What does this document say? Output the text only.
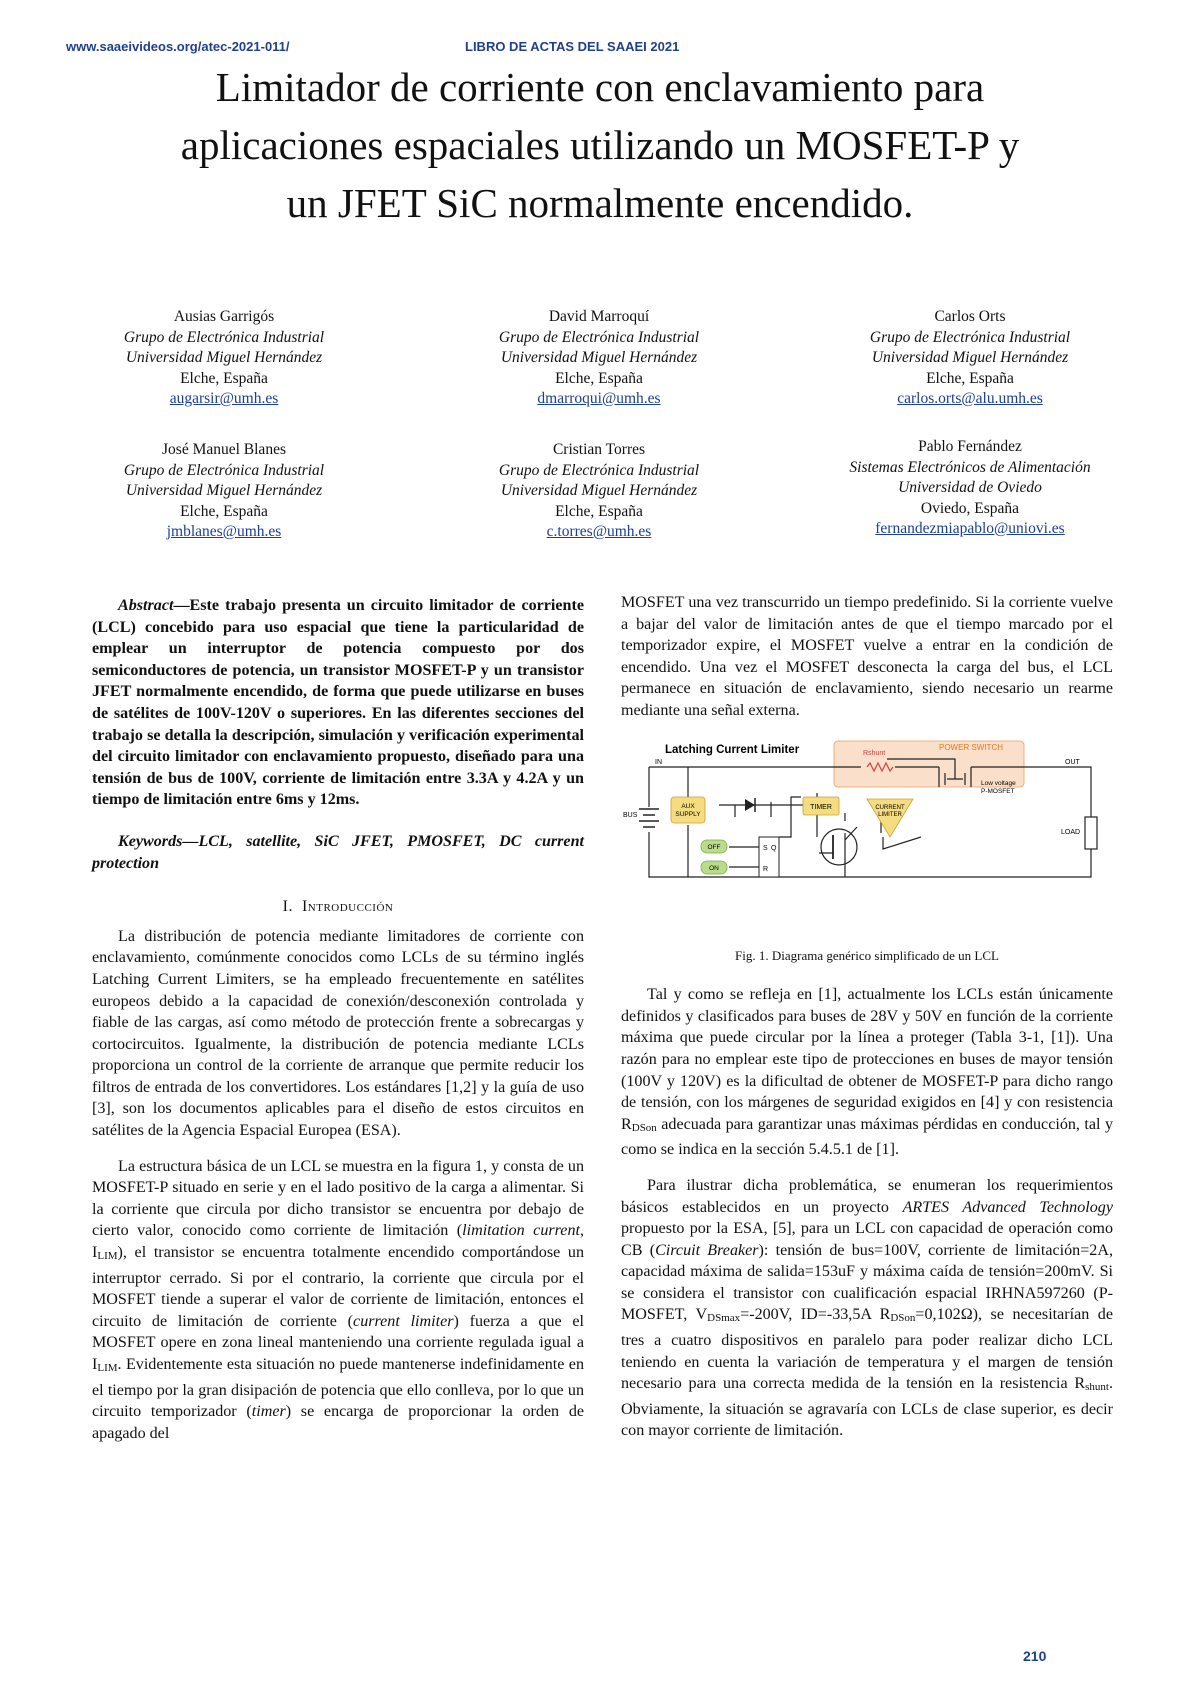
www.saaeivideos.org/atec-2021-011/	LIBRO DE ACTAS DEL SAAEI 2021
Limitador de corriente con enclavamiento para
aplicaciones espaciales utilizando un MOSFET-P y
un JFET SiC normalmente encendido.
Ausias Garrigós
Grupo de Electrónica Industrial
Universidad Miguel Hernández
Elche, España
augarsir@umh.es
David Marroquí
Grupo de Electrónica Industrial
Universidad Miguel Hernández
Elche, España
dmarroqui@umh.es
Carlos Orts
Grupo de Electrónica Industrial
Universidad Miguel Hernández
Elche, España
carlos.orts@alu.umh.es
José Manuel Blanes
Grupo de Electrónica Industrial
Universidad Miguel Hernández
Elche, España
jmblanes@umh.es
Cristian Torres
Grupo de Electrónica Industrial
Universidad Miguel Hernández
Elche, España
c.torres@umh.es
Pablo Fernández
Sistemas Electrónicos de Alimentación
Universidad de Oviedo
Oviedo, España
fernandezmiapablo@uniovi.es

Abstract—Este trabajo presenta un circuito limitador de corriente (LCL) concebido para uso espacial que tiene la particularidad de emplear un interruptor de potencia compuesto por dos semiconductores de potencia, un transistor MOSFET-P y un transistor JFET normalmente encendido, de forma que puede utilizarse en buses de satélites de 100V-120V o superiores. En las diferentes secciones del trabajo se detalla la descripción, simulación y verificación experimental del circuito limitador con enclavamiento propuesto, diseñado para una tensión de bus de 100V, corriente de limitación entre 3.3A y 4.2A y un tiempo de limitación entre 6ms y 12ms.

Keywords—LCL, satellite, SiC JFET, PMOSFET, DC current protection

I. Introducción

La distribución de potencia mediante limitadores de corriente con enclavamiento, comúnmente conocidos como LCLs de su término inglés Latching Current Limiters, se ha empleado frecuentemente en satélites europeos debido a la capacidad de conexión/desconexión controlada y fiable de las cargas, así como método de protección frente a sobrecargas y cortocircuitos. Igualmente, la distribución de potencia mediante LCLs proporciona un control de la corriente de arranque que permite reducir los filtros de entrada de los convertidores. Los estándares [1,2] y la guía de uso [3], son los documentos aplicables para el diseño de estos circuitos en satélites de la Agencia Espacial Europea (ESA).

La estructura básica de un LCL se muestra en la figura 1, y consta de un MOSFET-P situado en serie y en el lado positivo de la carga a alimentar. Si la corriente que circula por dicho transistor se encuentra por debajo de cierto valor, conocido como corriente de limitación (limitation current, ILIM), el transistor se encuentra totalmente encendido comportándose un interruptor cerrado. Si por el contrario, la corriente que circula por el MOSFET tiende a superar el valor de corriente de limitación, entonces el circuito de limitación de corriente (current limiter) fuerza a que el MOSFET opere en zona lineal manteniendo una corriente regulada igual a ILIM. Evidentemente esta situación no puede mantenerse indefinidamente en el tiempo por la gran disipación de potencia que ello conlleva, por lo que un circuito temporizador (timer) se encarga de proporcionar la orden de apagado del

MOSFET una vez transcurrido un tiempo predefinido. Si la corriente vuelve a bajar del valor de limitación antes de que el tiempo marcado por el temporizador expire, el MOSFET vuelve a entrar en la condición de encendido. Una vez el MOSFET desconecta la carga del bus, el LCL permanece en situación de enclavamiento, siendo necesario un rearme mediante una señal externa.

Latching Current Limiter	POWER SWITCH
Rshunt
IN	OUT
BUS
LOAD
Low voltage
P-MOSFET
AUX
SUPPLY
TIMER	CURRENT
LIMITER
S Q
R
OFF
ON

Fig. 1. Diagrama genérico simplificado de un LCL

Tal y como se refleja en [1], actualmente los LCLs están únicamente definidos y clasificados para buses de 28V y 50V en función de la corriente máxima que puede circular por la línea a proteger (Tabla 3-1, [1]). Una razón para no emplear este tipo de protecciones en buses de mayor tensión (100V y 120V) es la dificultad de obtener de MOSFET-P para dicho rango de tensión, con los márgenes de seguridad exigidos en [4] y con resistencia RDSon adecuada para garantizar unas máximas pérdidas en conducción, tal y como se indica en la sección 5.4.5.1 de [1].

Para ilustrar dicha problemática, se enumeran los requerimientos básicos establecidos en un proyecto ARTES Advanced Technology propuesto por la ESA, [5], para un LCL con capacidad de operación como CB (Circuit Breaker): tensión de bus=100V, corriente de limitación=2A, capacidad máxima de salida=153uF y máxima caída de tensión=200mV. Si se considera el transistor con cualificación espacial IRHNA597260 (P-MOSFET, VDSmax=-200V, ID=-33,5A RDSon=0,102Ω), se necesitarían de tres a cuatro dispositivos en paralelo para poder realizar dicho LCL teniendo en cuenta la variación de temperatura y el margen de tensión necesario para una correcta medida de la tensión en la resistencia Rshunt. Obviamente, la situación se agravaría con LCLs de clase superior, es decir con mayor corriente de limitación.

210
